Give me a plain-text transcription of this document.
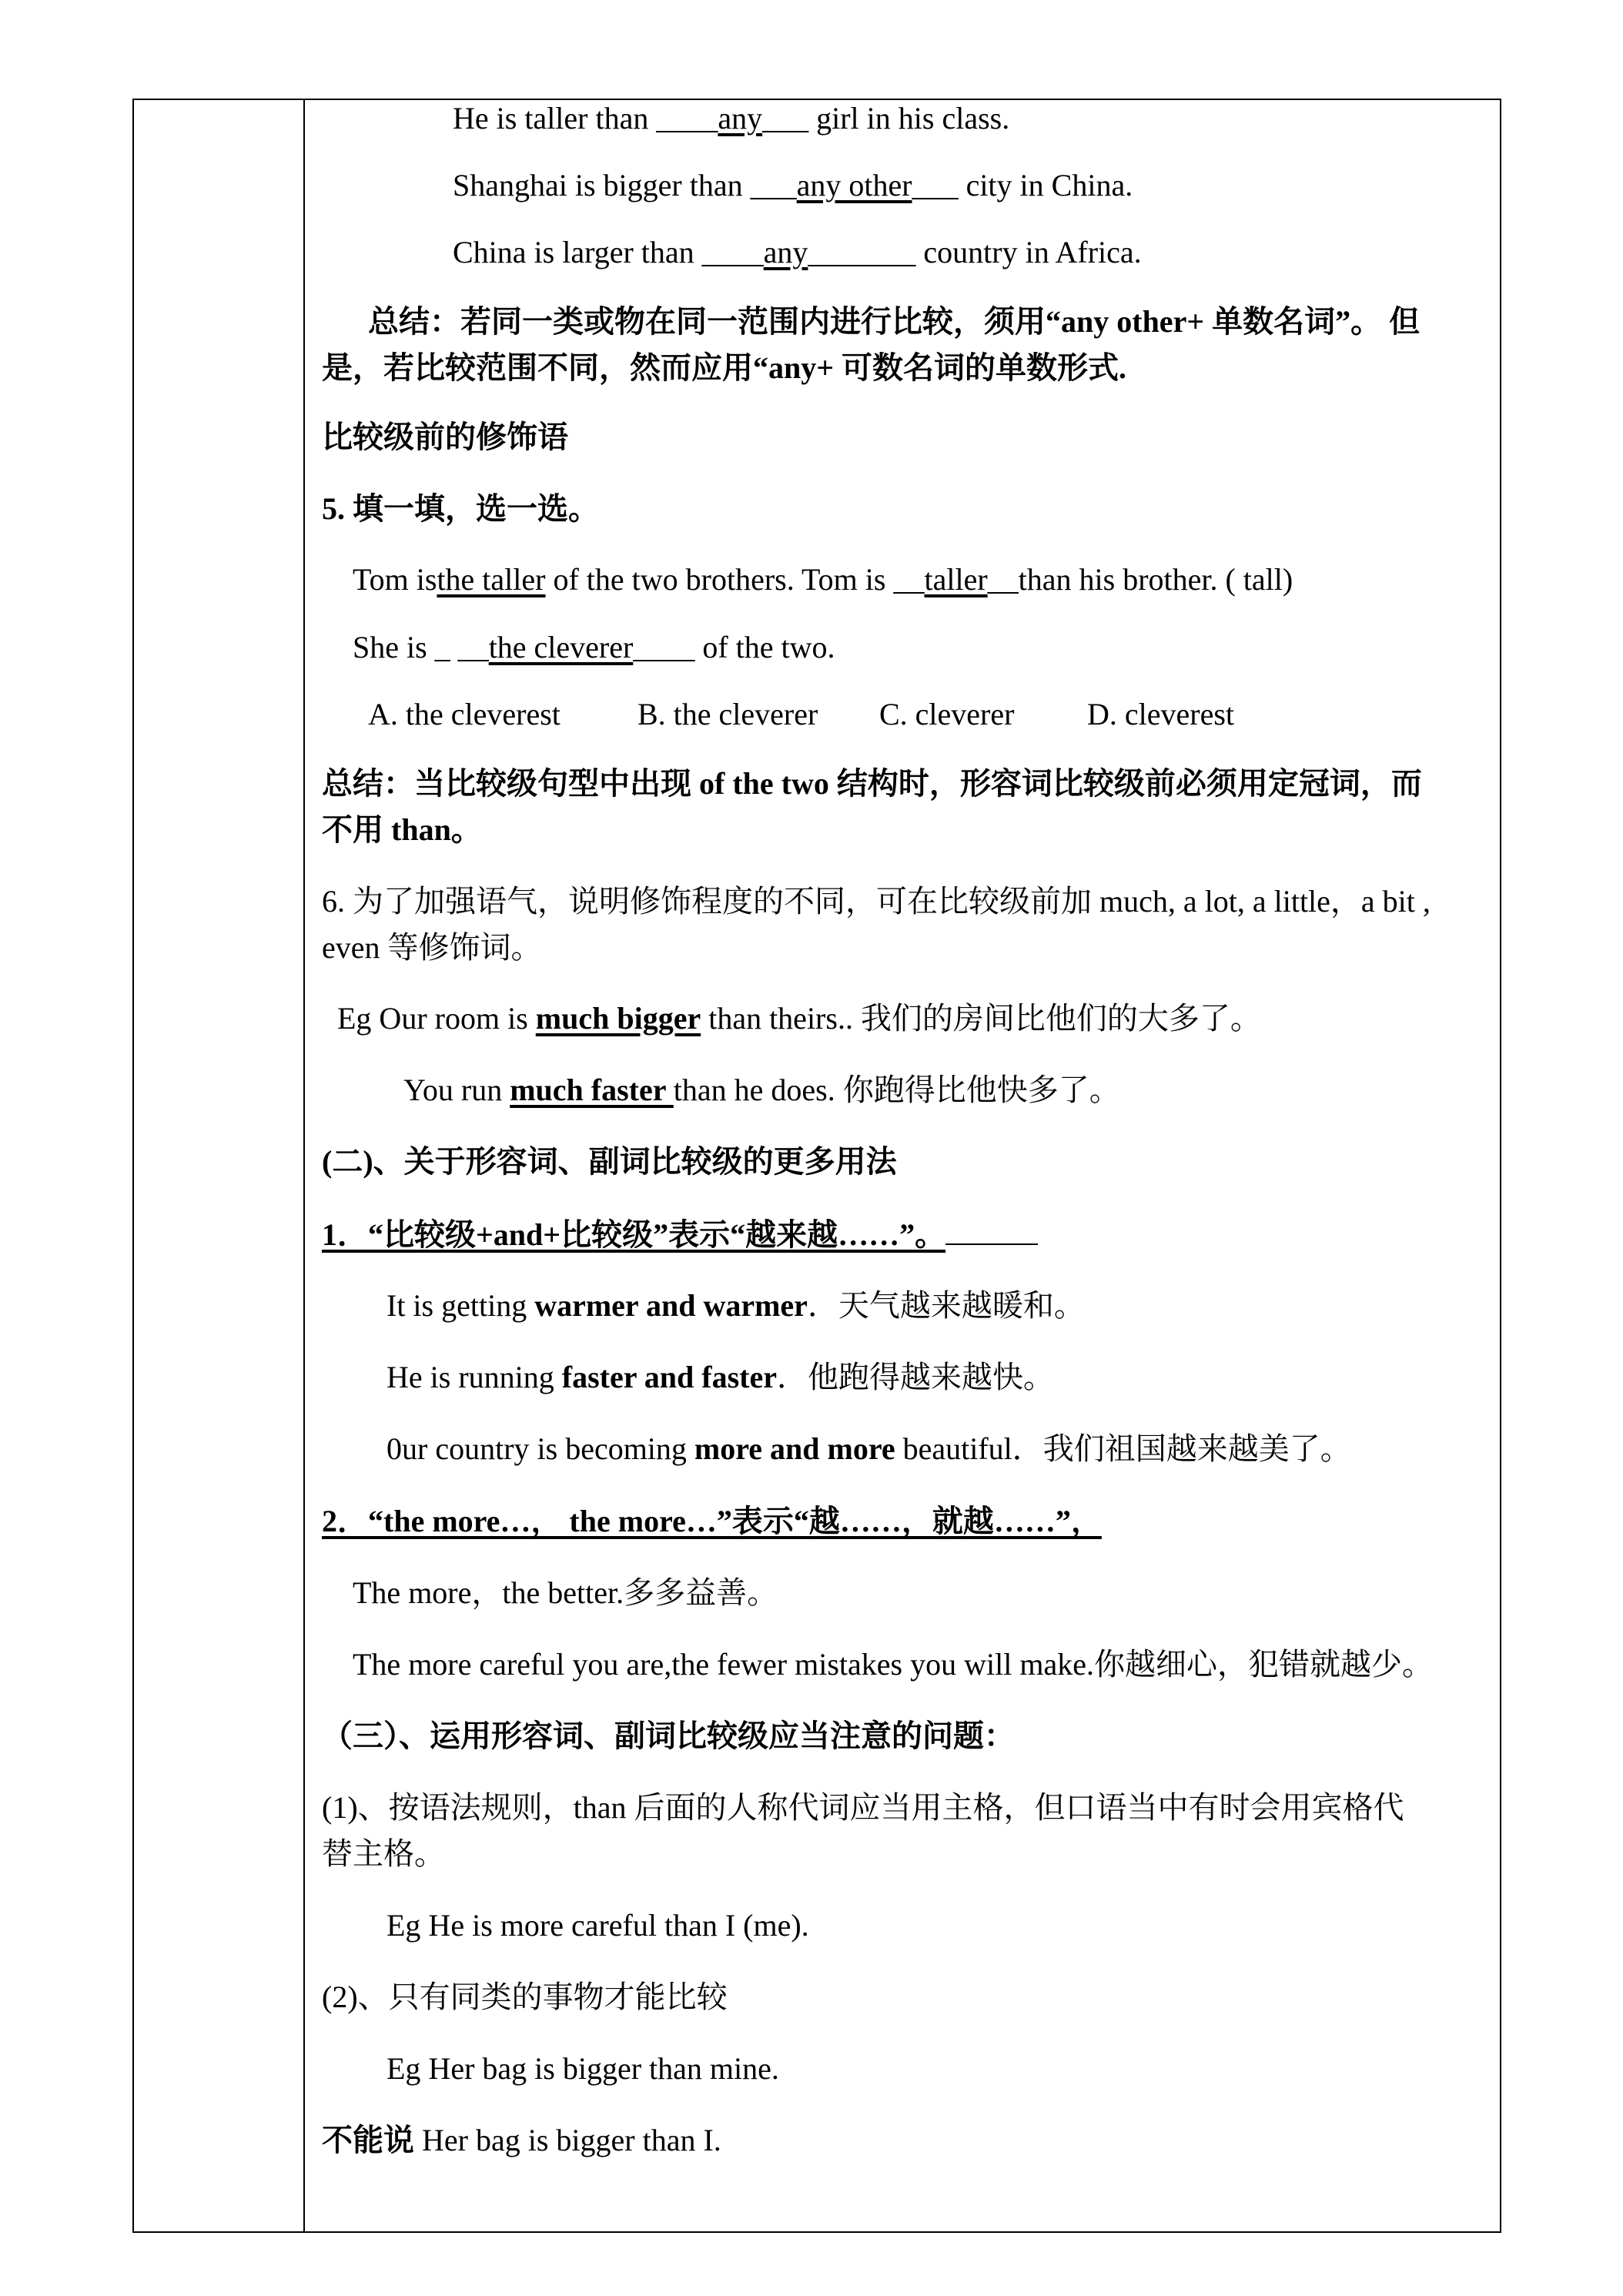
He is taller than ____any___ girl in his class.
Shanghai is bigger than ___any other___ city in China.
China is larger than ____any_______ country in Africa.
总结：若同一类或物在同一范围内进行比较，须用“any other+ 单数名词”。 但
是，若比较范围不同，然而应用“any+ 可数名词的单数形式.
比较级前的修饰语
5. 填一填，选一选。
Tom isthe taller of the two brothers. Tom is __taller__than his brother. ( tall)
She is _ __the cleverer____ of the two.
A. the cleverest	B. the cleverer C. cleverer D. cleverest
总结：当比较级句型中出现 of the two 结构时，形容词比较级前必须用定冠词，而
不用 than。
6. 为了加强语气，说明修饰程度的不同，可在比较级前加 much, a lot, a little，a bit ,
even 等修饰词。
Eg Our room is much bigger than theirs.. 我们的房间比他们的大多了。
You run much faster than he does. 你跑得比他快多了。
(二)、关于形容词、副词比较级的更多用法
1．“比较级+and+比较级”表示“越来越……”。
It is getting warmer and warmer．天气越来越暖和。
He is running faster and faster．他跑得越来越快。
0ur country is becoming more and more beautiful．我们祖国越来越美了。
2．“the more…， the more…”表示“越……，就越……”，
The more，the better.多多益善。
The more careful you are,the fewer mistakes you will make.你越细心，犯错就越少。
（三）、运用形容词、副词比较级应当注意的问题：
(1)、按语法规则，than 后面的人称代词应当用主格，但口语当中有时会用宾格代
替主格。
Eg He is more careful than I (me).
(2)、只有同类的事物才能比较
Eg Her bag is bigger than mine.
不能说 Her bag is bigger than I.
